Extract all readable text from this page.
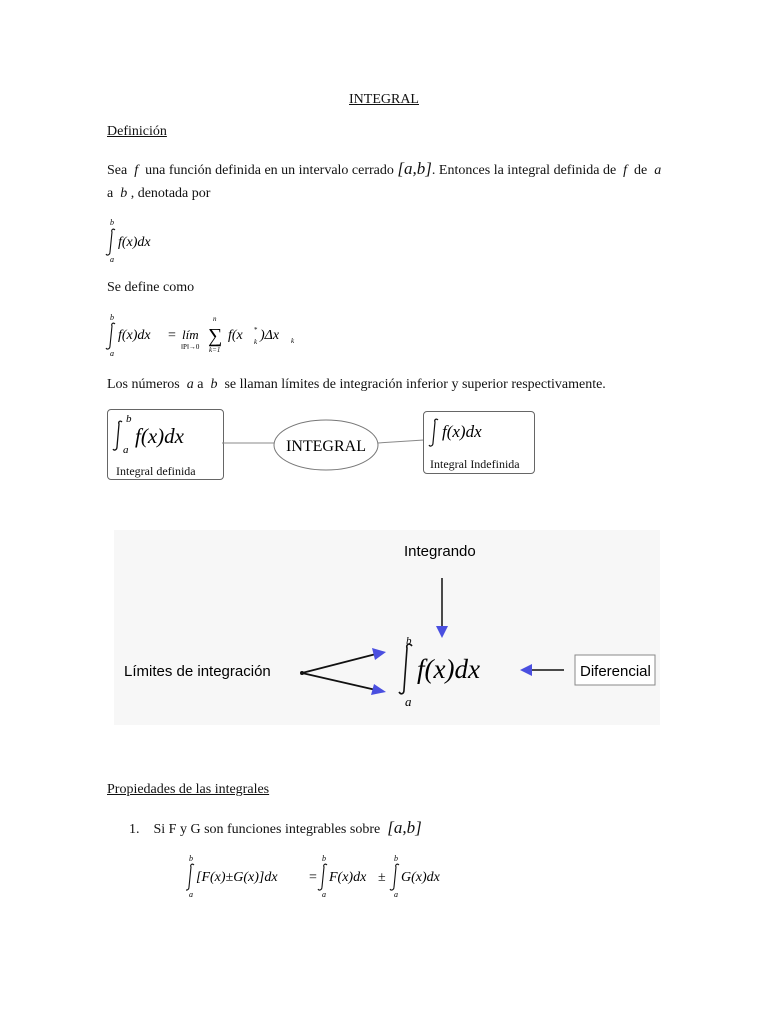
INTEGRAL
Definición
Sea f una función definida en un intervalo cerrado [a,b]. Entonces la integral definida de f de a
a b , denotada por
b
a
f(x)dx
Se define como
b
a
f(x)dx = lím
‖P‖→0
n
∑
k=1
f(x k
* )Δx k
Los números a a b se llaman límites de integración inferior y superior respectivamente.
b
a
f(x)dx
Integral definida
INTEGRAL
f(x)dx
Integral Indefinida
Integrando
Límites de integración
b
a
f(x)dx	Diferencial
Propiedades de las integrales
1. Si F y G son funciones integrables sobre [a,b]
b
a
[F(x)±G(x)]dx =
b
a
F(x)dx ±
b
a
G(x)dx
